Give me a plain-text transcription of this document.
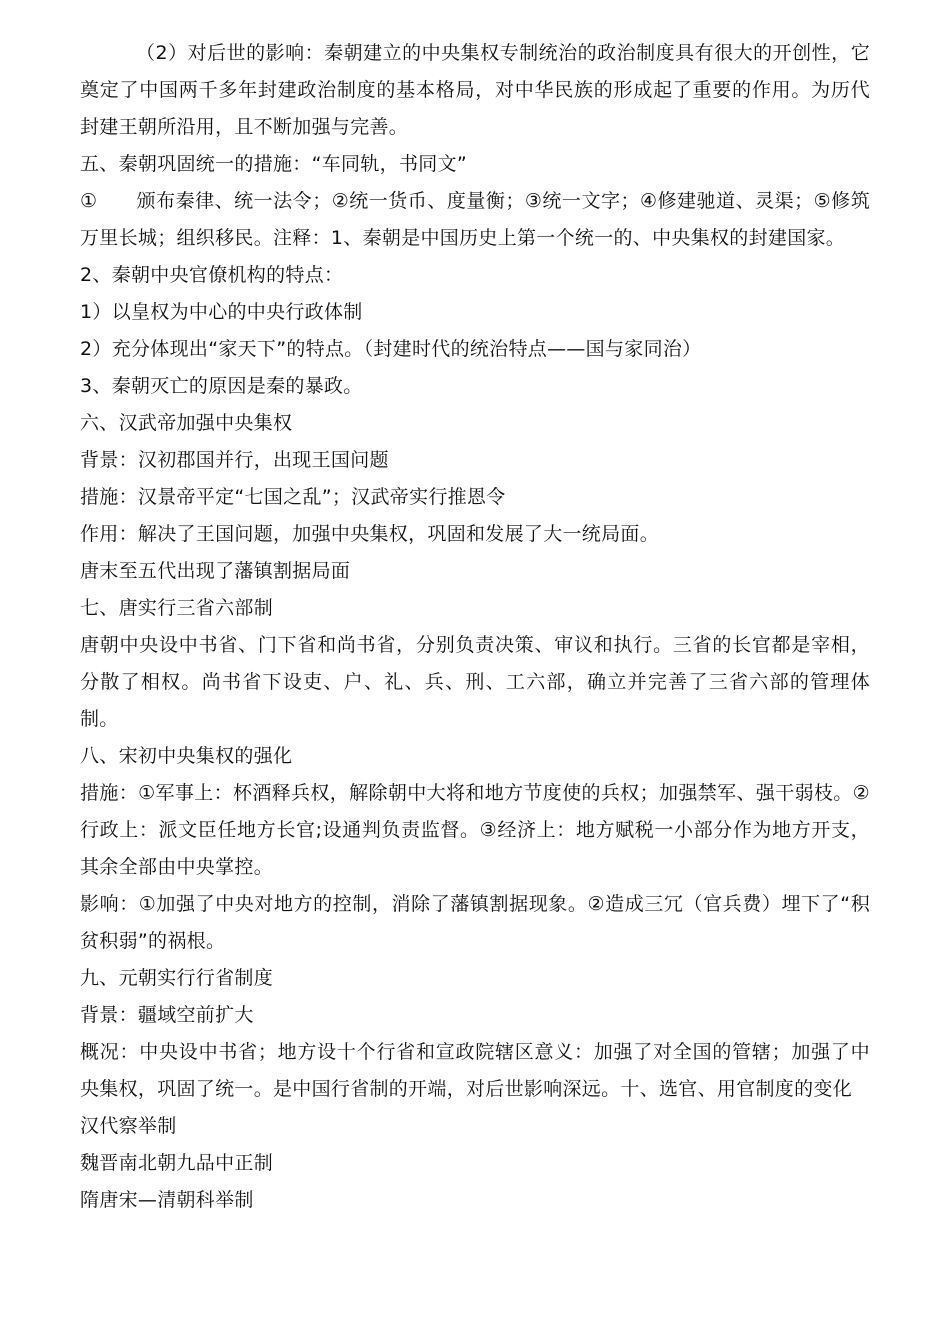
（2）对后世的影响：秦朝建立的中央集权专制统治的政治制度具有很大的开创性，它奠定了中国两千多年封建政治制度的基本格局，对中华民族的形成起了重要的作用。为历代封建王朝所沿用，且不断加强与完善。

五、秦朝巩固统一的措施：“车同轨，书同文”

①　　颁布秦律、统一法令；②统一货币、度量衡；③统一文字；④修建驰道、灵渠；⑤修筑万里长城；组织移民。注释：1、秦朝是中国历史上第一个统一的、中央集权的封建国家。

2、秦朝中央官僚机构的特点：

1）以皇权为中心的中央行政体制

2）充分体现出“家天下”的特点。（封建时代的统治特点——国与家同治）

3、秦朝灭亡的原因是秦的暴政。

六、汉武帝加强中央集权

背景：汉初郡国并行，出现王国问题

措施：汉景帝平定“七国之乱”；汉武帝实行推恩令

作用：解决了王国问题，加强中央集权，巩固和发展了大一统局面。

唐末至五代出现了藩镇割据局面

七、唐实行三省六部制

唐朝中央设中书省、门下省和尚书省，分别负责决策、审议和执行。三省的长官都是宰相，分散了相权。尚书省下设吏、户、礼、兵、刑、工六部，确立并完善了三省六部的管理体制。

八、宋初中央集权的强化

措施：①军事上：杯酒释兵权，解除朝中大将和地方节度使的兵权；加强禁军、强干弱枝。②行政上：派文臣任地方长官;设通判负责监督。③经济上：地方赋税一小部分作为地方开支，其余全部由中央掌控。

影响：①加强了中央对地方的控制，消除了藩镇割据现象。②造成三冗（官兵费）埋下了“积贫积弱”的祸根。

九、元朝实行行省制度

背景：疆域空前扩大

概况：中央设中书省；地方设十个行省和宣政院辖区意义：加强了对全国的管辖；加强了中央集权，巩固了统一。是中国行省制的开端，对后世影响深远。十、选官、用官制度的变化

汉代察举制

魏晋南北朝九品中正制

隋唐宋—清朝科举制
